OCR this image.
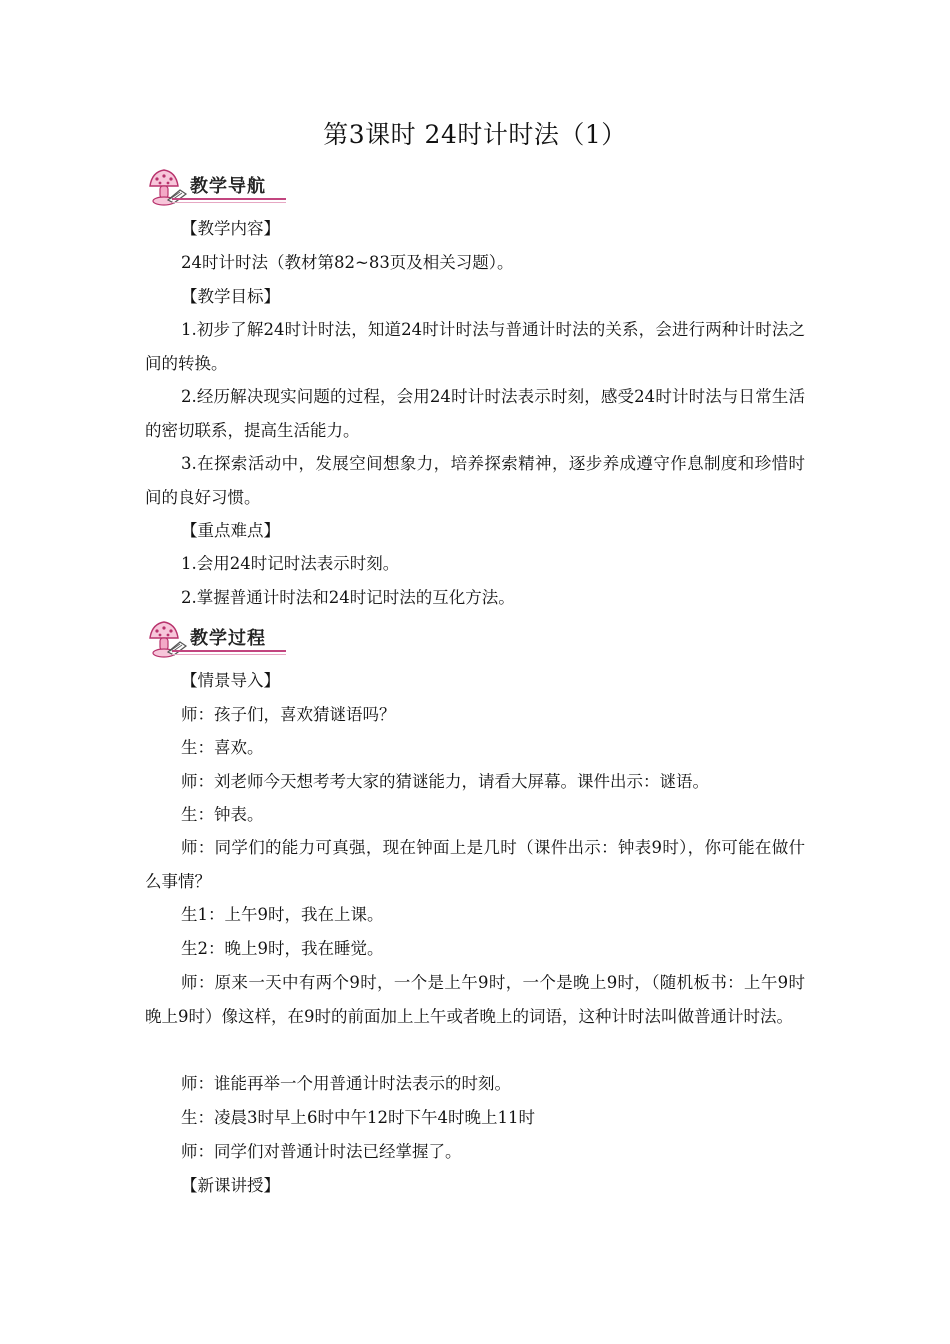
第3课时 24时计时法（1）
教学导航

【教学内容】

24时计时法（教材第82~83页及相关习题）。

【教学目标】

1.初步了解24时计时法，知道24时计时法与普通计时法的关系，会进行两种计时法之间的转换。

2.经历解决现实问题的过程，会用24时计时法表示时刻，感受24时计时法与日常生活的密切联系，提高生活能力。

3.在探索活动中，发展空间想象力，培养探索精神，逐步养成遵守作息制度和珍惜时间的良好习惯。

【重点难点】

1.会用24时记时法表示时刻。

2.掌握普通计时法和24时记时法的互化方法。

教学过程

【情景导入】

师：孩子们，喜欢猜谜语吗？

生：喜欢。

师：刘老师今天想考考大家的猜谜能力，请看大屏幕。课件出示：谜语。

生：钟表。

师：同学们的能力可真强，现在钟面上是几时（课件出示：钟表9时），你可能在做什么事情？

生1：上午9时，我在上课。

生2：晚上9时，我在睡觉。

师：原来一天中有两个9时，一个是上午9时，一个是晚上9时，（随机板书：上午9时晚上9时）像这样，在9时的前面加上上午或者晚上的词语，这种计时法叫做普通计时法。

师：谁能再举一个用普通计时法表示的时刻。

生：凌晨3时早上6时中午12时下午4时晚上11时

师：同学们对普通计时法已经掌握了。

【新课讲授】
